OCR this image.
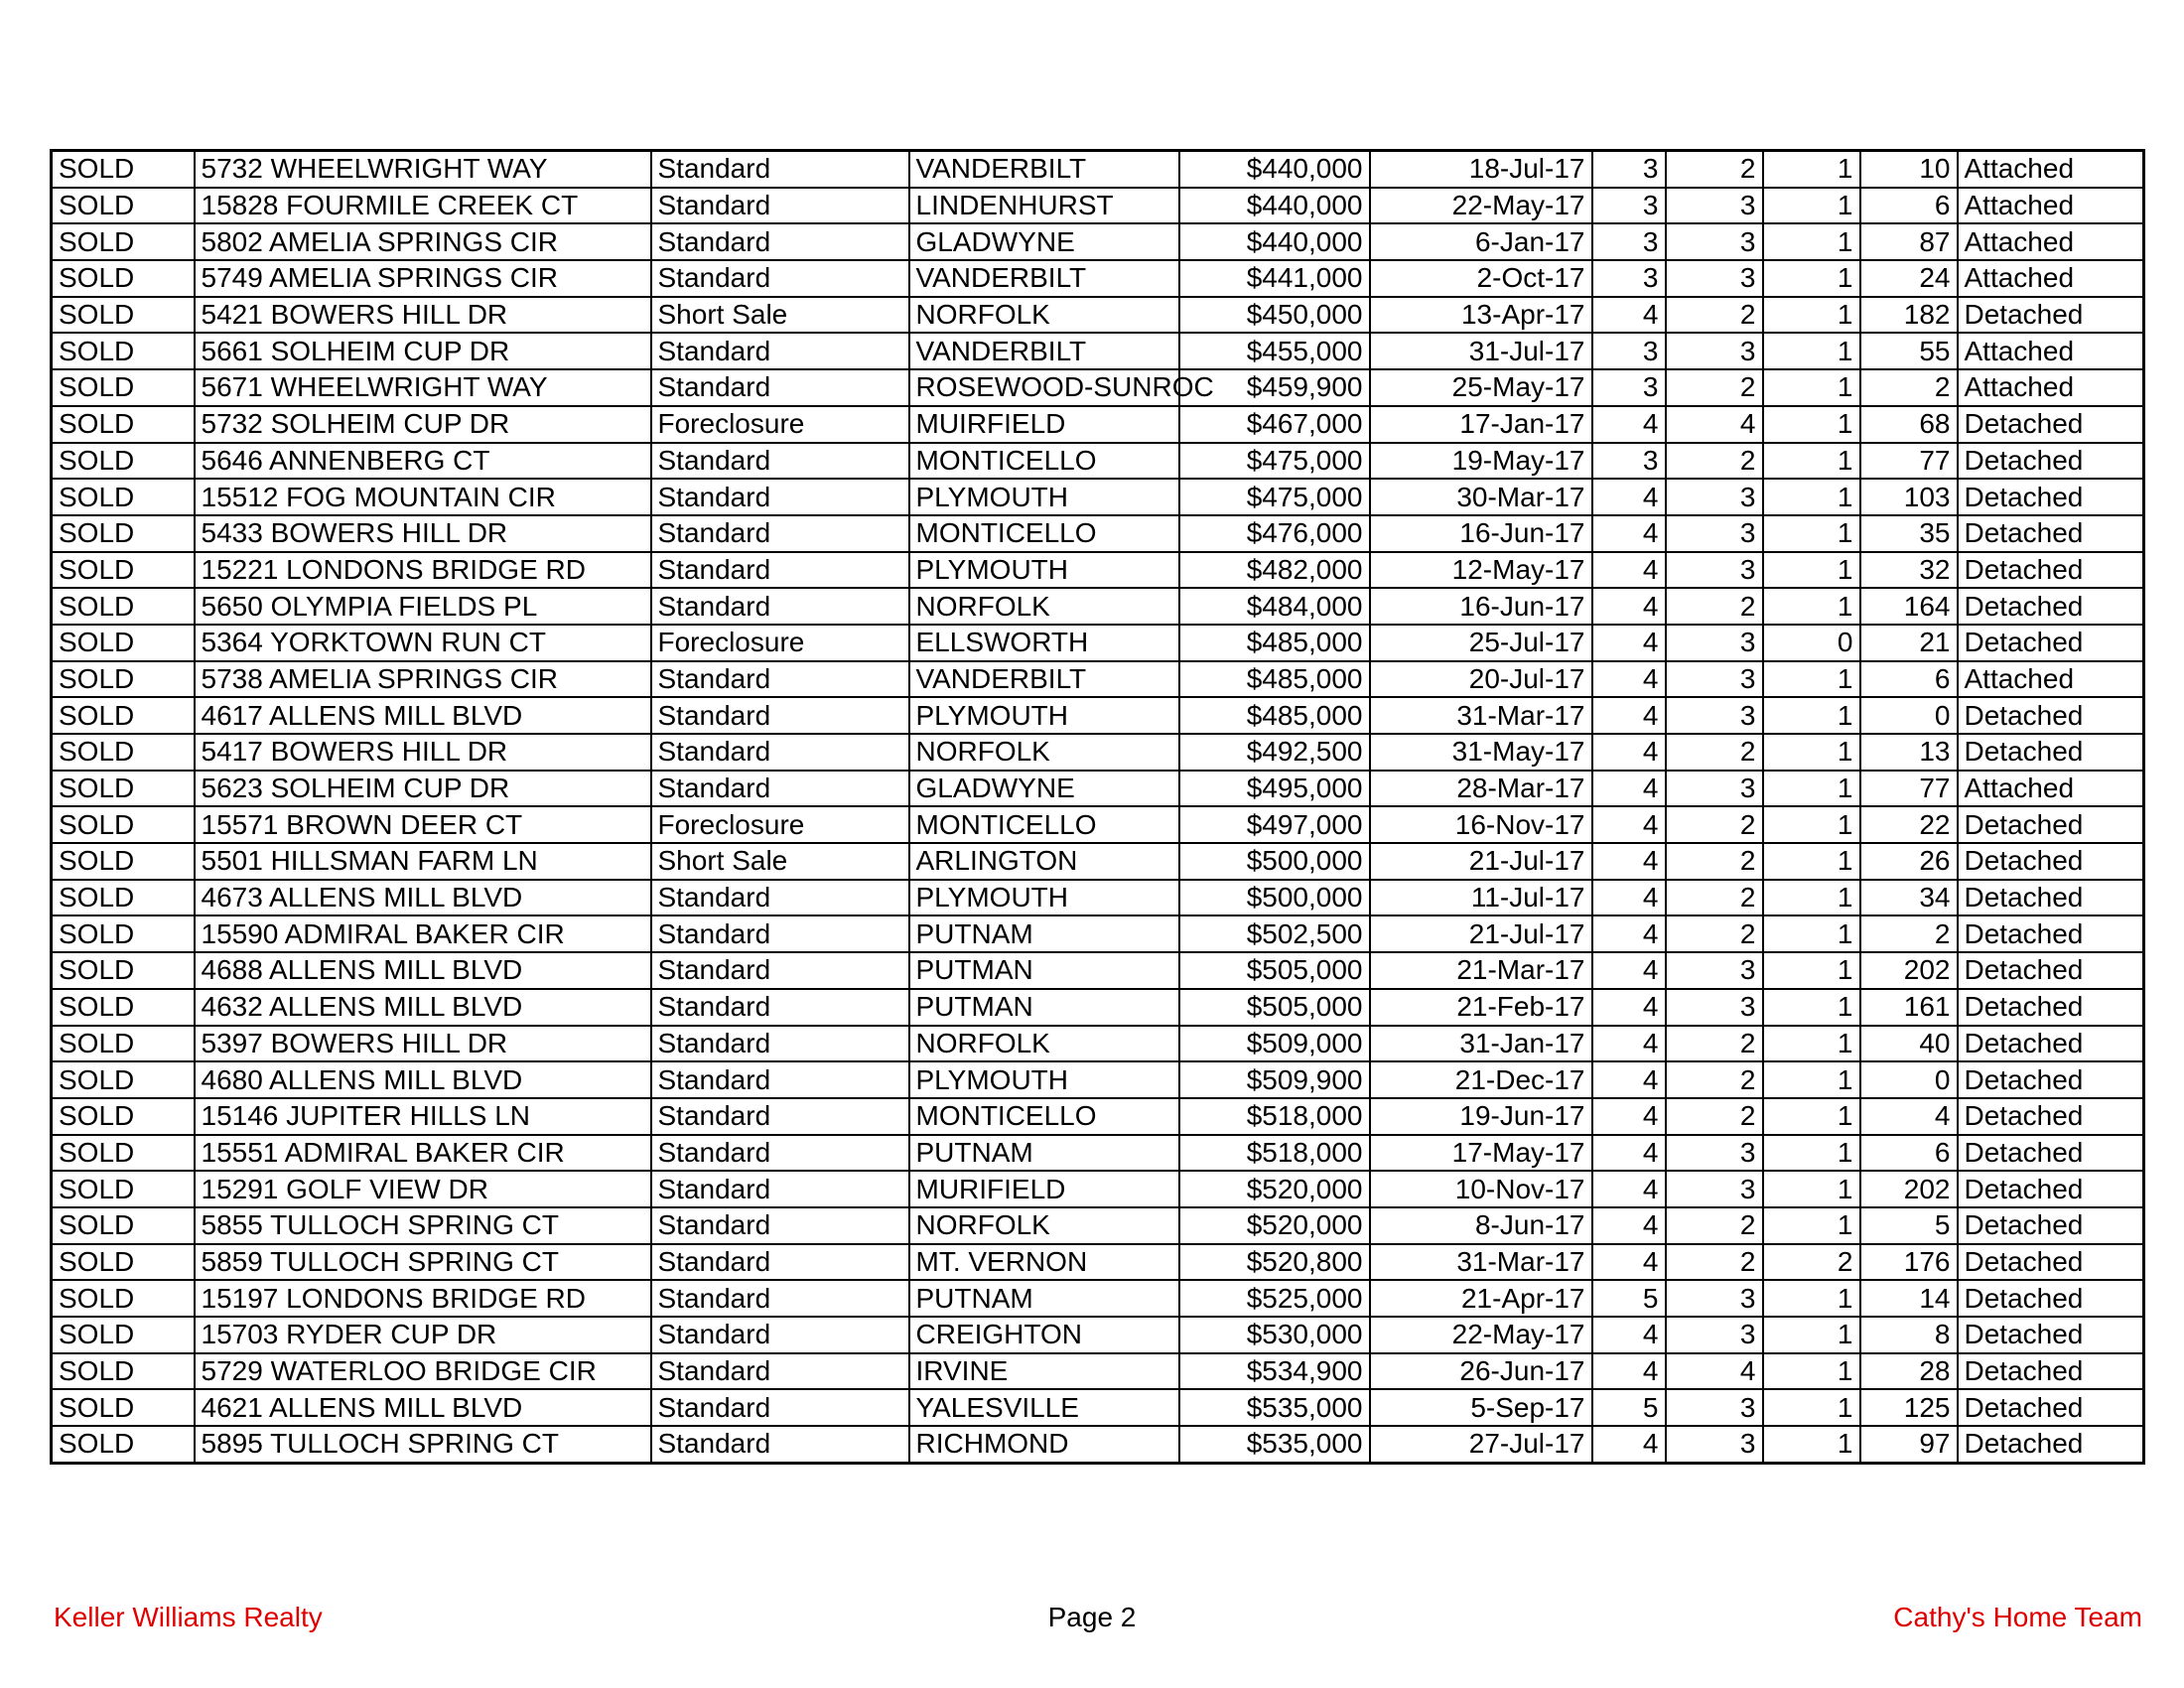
SOLD	5732 WHEELWRIGHT WAY	Standard	VANDERBILT	$440,000	18-Jul-17	3	2	1	10	Attached
SOLD	15828 FOURMILE CREEK CT	Standard	LINDENHURST	$440,000	22-May-17	3	3	1	6	Attached
SOLD	5802 AMELIA SPRINGS CIR	Standard	GLADWYNE	$440,000	6-Jan-17	3	3	1	87	Attached
SOLD	5749 AMELIA SPRINGS CIR	Standard	VANDERBILT	$441,000	2-Oct-17	3	3	1	24	Attached
SOLD	5421 BOWERS HILL DR	Short Sale	NORFOLK	$450,000	13-Apr-17	4	2	1	182	Detached
SOLD	5661 SOLHEIM CUP DR	Standard	VANDERBILT	$455,000	31-Jul-17	3	3	1	55	Attached
SOLD	5671 WHEELWRIGHT WAY	Standard	ROSEWOOD-SUNROC	$459,900	25-May-17	3	2	1	2	Attached
SOLD	5732 SOLHEIM CUP DR	Foreclosure	MUIRFIELD	$467,000	17-Jan-17	4	4	1	68	Detached
SOLD	5646 ANNENBERG CT	Standard	MONTICELLO	$475,000	19-May-17	3	2	1	77	Detached
SOLD	15512 FOG MOUNTAIN CIR	Standard	PLYMOUTH	$475,000	30-Mar-17	4	3	1	103	Detached
SOLD	5433 BOWERS HILL DR	Standard	MONTICELLO	$476,000	16-Jun-17	4	3	1	35	Detached
SOLD	15221 LONDONS BRIDGE RD	Standard	PLYMOUTH	$482,000	12-May-17	4	3	1	32	Detached
SOLD	5650 OLYMPIA FIELDS PL	Standard	NORFOLK	$484,000	16-Jun-17	4	2	1	164	Detached
SOLD	5364 YORKTOWN RUN CT	Foreclosure	ELLSWORTH	$485,000	25-Jul-17	4	3	0	21	Detached
SOLD	5738 AMELIA SPRINGS CIR	Standard	VANDERBILT	$485,000	20-Jul-17	4	3	1	6	Attached
SOLD	4617 ALLENS MILL BLVD	Standard	PLYMOUTH	$485,000	31-Mar-17	4	3	1	0	Detached
SOLD	5417 BOWERS HILL DR	Standard	NORFOLK	$492,500	31-May-17	4	2	1	13	Detached
SOLD	5623 SOLHEIM CUP DR	Standard	GLADWYNE	$495,000	28-Mar-17	4	3	1	77	Attached
SOLD	15571 BROWN DEER CT	Foreclosure	MONTICELLO	$497,000	16-Nov-17	4	2	1	22	Detached
SOLD	5501 HILLSMAN FARM LN	Short Sale	ARLINGTON	$500,000	21-Jul-17	4	2	1	26	Detached
SOLD	4673 ALLENS MILL BLVD	Standard	PLYMOUTH	$500,000	11-Jul-17	4	2	1	34	Detached
SOLD	15590 ADMIRAL BAKER CIR	Standard	PUTNAM	$502,500	21-Jul-17	4	2	1	2	Detached
SOLD	4688 ALLENS MILL BLVD	Standard	PUTMAN	$505,000	21-Mar-17	4	3	1	202	Detached
SOLD	4632 ALLENS MILL BLVD	Standard	PUTMAN	$505,000	21-Feb-17	4	3	1	161	Detached
SOLD	5397 BOWERS HILL DR	Standard	NORFOLK	$509,000	31-Jan-17	4	2	1	40	Detached
SOLD	4680 ALLENS MILL BLVD	Standard	PLYMOUTH	$509,900	21-Dec-17	4	2	1	0	Detached
SOLD	15146 JUPITER HILLS LN	Standard	MONTICELLO	$518,000	19-Jun-17	4	2	1	4	Detached
SOLD	15551 ADMIRAL BAKER CIR	Standard	PUTNAM	$518,000	17-May-17	4	3	1	6	Detached
SOLD	15291 GOLF VIEW DR	Standard	MURIFIELD	$520,000	10-Nov-17	4	3	1	202	Detached
SOLD	5855 TULLOCH SPRING CT	Standard	NORFOLK	$520,000	8-Jun-17	4	2	1	5	Detached
SOLD	5859 TULLOCH SPRING CT	Standard	MT. VERNON	$520,800	31-Mar-17	4	2	2	176	Detached
SOLD	15197 LONDONS BRIDGE RD	Standard	PUTNAM	$525,000	21-Apr-17	5	3	1	14	Detached
SOLD	15703 RYDER CUP DR	Standard	CREIGHTON	$530,000	22-May-17	4	3	1	8	Detached
SOLD	5729 WATERLOO BRIDGE CIR	Standard	IRVINE	$534,900	26-Jun-17	4	4	1	28	Detached
SOLD	4621 ALLENS MILL BLVD	Standard	YALESVILLE	$535,000	5-Sep-17	5	3	1	125	Detached
SOLD	5895 TULLOCH SPRING CT	Standard	RICHMOND	$535,000	27-Jul-17	4	3	1	97	Detached
Keller Williams Realty	Page 2	Cathy's Home Team
